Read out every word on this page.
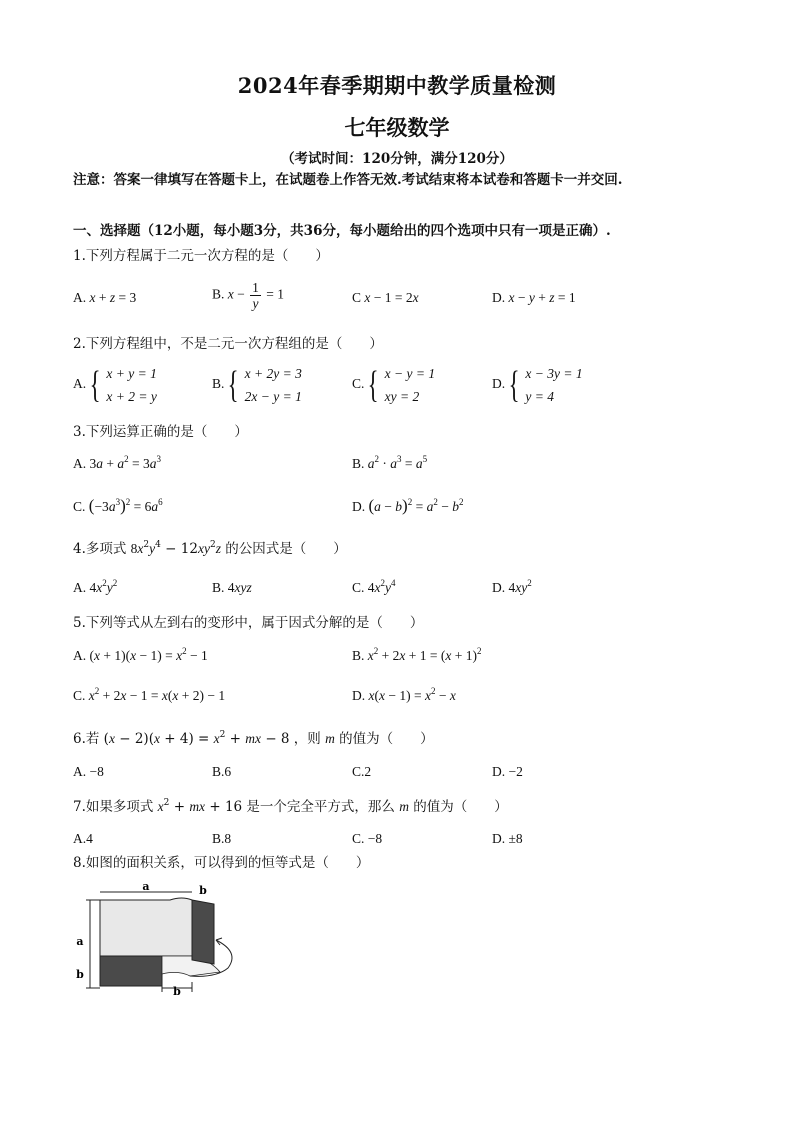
2024年春季期期中教学质量检测
七年级数学
（考试时间：120分钟，满分120分）
注意：答案一律填写在答题卡上，在试题卷上作答无效.考试结束将本试卷和答题卡一并交回.
一、选择题（12小题，每小题3分，共36分，每小题给出的四个选项中只有一项是正确）.
1.下列方程属于二元一次方程的是（　　）
A. x + z = 3	B. $x - \frac{1}{y} = 1$	C x − 1 = 2x	D. x − y + z = 1
2.下列方程组中，不是二元一次方程组的是（　　）
A. { x + y = 1
x + 2 = y
B. { x + 2y = 3
2x − y = 1
C. { x − y = 1
xy = 2
D. { x − 3y = 1
y = 4
3.下列运算正确的是（　　）
A. $3a + a^2 = 3a^3$	B. $a^2 \cdot a^3 = a^5$
C. $(-3a^3)^2 = 6a^6$	D. $(a - b)^2 = a^2 - b^2$
4.多项式 $8x^2y^4 - 12xy^2z$ 的公因式是（　　）
A. $4x^2y^2$	B. 4xyz	C. $4x^2y^4$	D. $4xy^2$
5.下列等式从左到右的变形中，属于因式分解的是（　　）
A. $(x + 1)(x - 1) = x^2 - 1$	B. $x^2 + 2x + 1 = (x + 1)^2$
C. $x^2 + 2x - 1 = x(x + 2) - 1$	D. $x(x - 1) = x^2 - x$
6.若 $(x - 2)(x + 4) = x^2$ + mx − 8 ，则 m 的值为（　　）
A. −8	B.6	C.2	D. −2
7.如果多项式 $x^2$ + mx + 16 是一个完全平方式，那么 m 的值为（　　）
A.4	B.8	C. −8	D. ±8
8.如图的面积关系，可以得到的恒等式是（　　）
a	b
a
b
b
